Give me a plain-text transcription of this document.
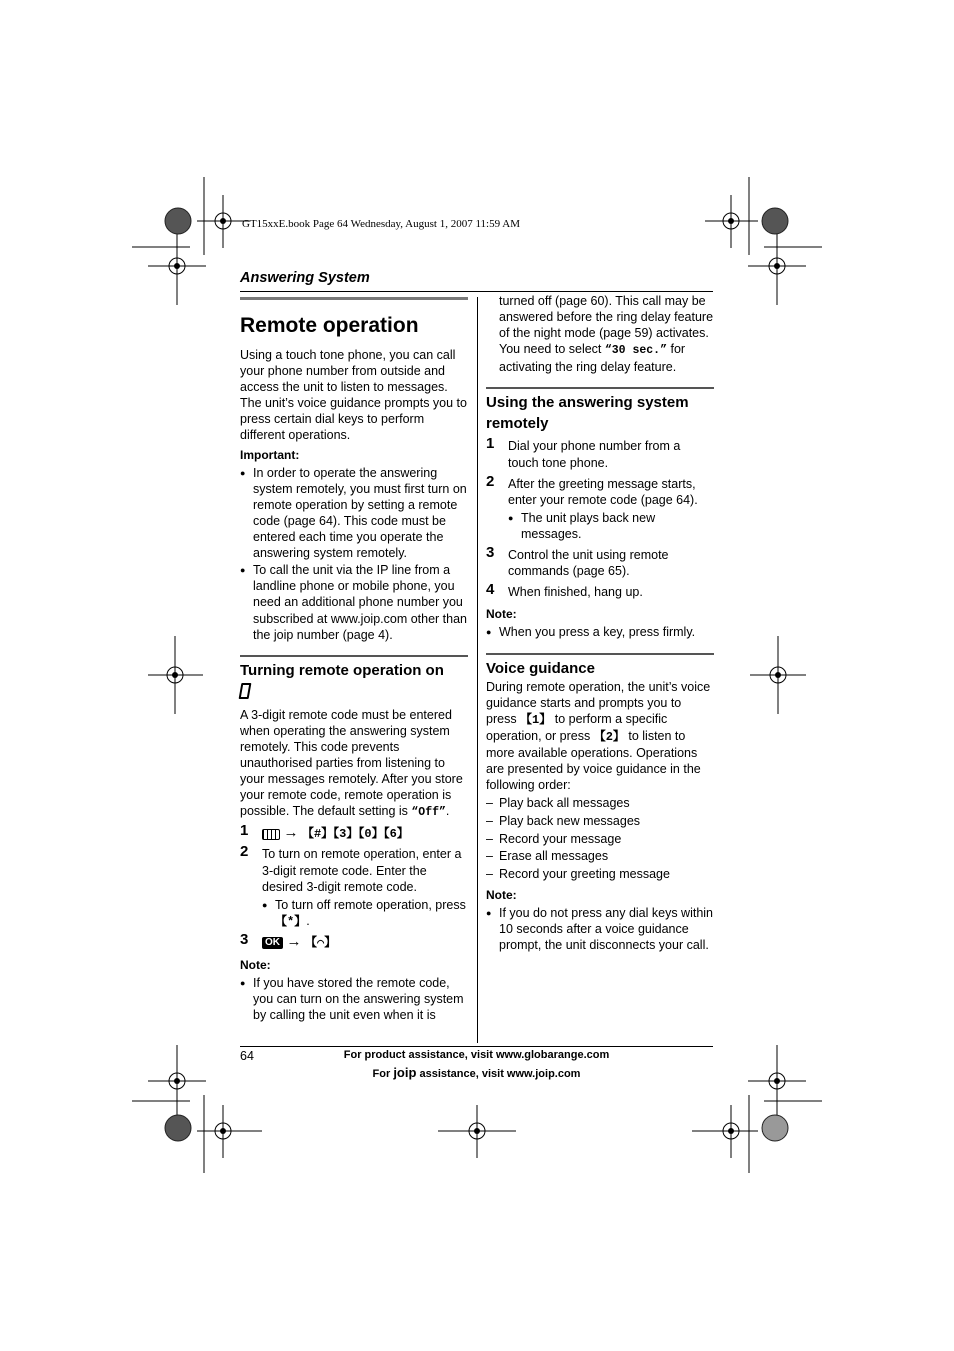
GT15xxE.book Page 64 Wednesday, August 1, 2007 11:59 AM
Answering System
Remote operation

Using a touch tone phone, you can call your phone number from outside and access the unit to listen to messages. The unit’s voice guidance prompts you to press certain dial keys to perform different operations.

Important:

● In order to operate the answering system remotely, you must first turn on remote operation by setting a remote code (page 64). This code must be entered each time you operate the answering system remotely.

● To call the unit via the IP line from a landline phone or mobile phone, you need an additional phone number you subscribed at www.joip.com other than the joip number (page 4).

Turning remote operation on

A 3-digit remote code must be entered when operating the answering system remotely. This code prevents unauthorised parties from listening to your messages remotely. After you store your remote code, remote operation is possible. The default setting is “Off”.

1 → 【#】【3】【0】【6】
2 To turn on remote operation, enter a 3-digit remote code. Enter the desired 3-digit remote code.

● To turn off remote operation, press 【*】.

3 OK → 【⌒】

Note:

● If you have stored the remote code, you can turn on the answering system by calling the unit even when it is

turned off (page 60). This call may be answered before the ring delay feature of the night mode (page 59) activates. You need to select “30 sec.” for activating the ring delay feature.

Using the answering system remotely
1 Dial your phone number from a touch tone phone.
2 After the greeting message starts, enter your remote code (page 64).

● The unit plays back new messages.

3 Control the unit using remote commands (page 65).
4 When finished, hang up.

Note:

● When you press a key, press firmly.

Voice guidance

During remote operation, the unit’s voice guidance starts and prompts you to press 【1】 to perform a specific operation, or press 【2】 to listen to more available operations. Operations are presented by voice guidance in the following order:

– Play back all messages

– Play back new messages

– Record your message

– Erase all messages

– Record your greeting message

Note:

● If you do not press any dial keys within 10 seconds after a voice guidance prompt, the unit disconnects your call.

64	For product assistance, visit www.globarange.com
For joip assistance, visit www.joip.com
